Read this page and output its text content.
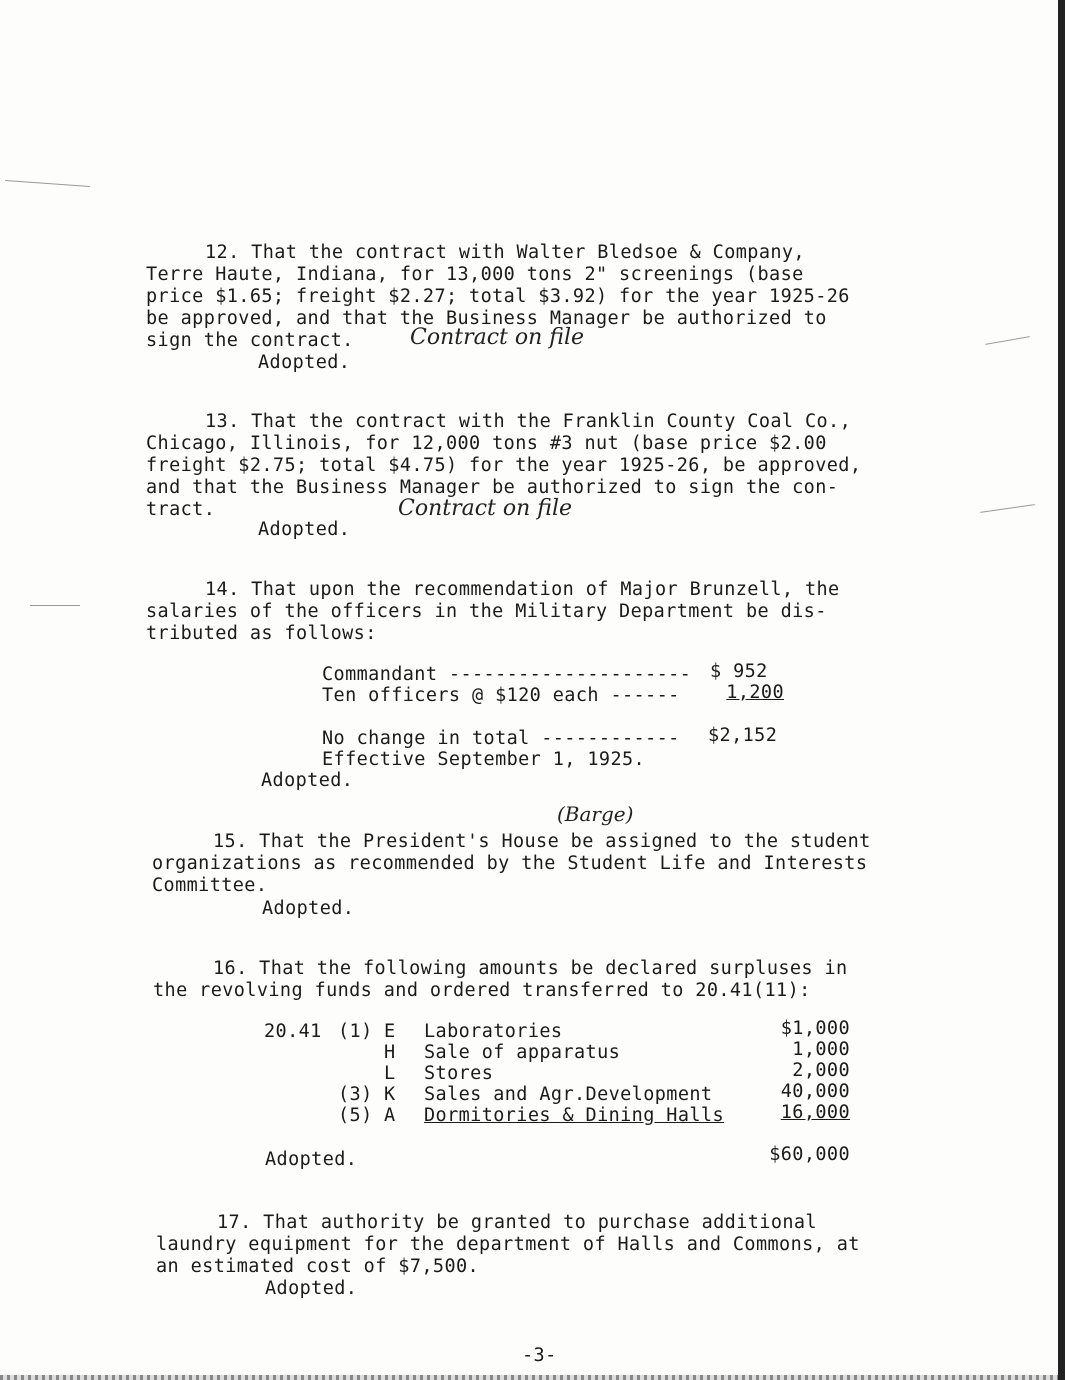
12. That the contract with Walter Bledsoe & Company,
Terre Haute, Indiana, for 13,000 tons 2" screenings (base
price $1.65; freight $2.27; total $3.92) for the year 1925-26
be approved, and that the Business Manager be authorized to
sign the contract.	Contract on file
Adopted.
13. That the contract with the Franklin County Coal Co.,
Chicago, Illinois, for 12,000 tons #3 nut (base price $2.00
freight $2.75; total $4.75) for the year 1925-26, be approved,
and that the Business Manager be authorized to sign the con-
tract.	Contract on file
Adopted.
14. That upon the recommendation of Major Brunzell, the
salaries of the officers in the Military Department be dis-
tributed as follows:
Commandant --------------------- $ 952
Ten officers @ $120 each ------	1,200
No change in total ------------ $2,152
Effective September 1, 1925.
Adopted.
(Barge)
15. That the President's House be assigned to the student
organizations as recommended by the Student Life and Interests
Committee.
Adopted.
16. That the following amounts be declared surpluses in
the revolving funds and ordered transferred to 20.41(11):
20.41 (1) E Laboratories	$1,000
H Sale of apparatus	1,000
L Stores	2,000
(3) K Sales and Agr.Development	40,000
(5) A Dormitories & Dining Halls	16,000
Adopted.	$60,000
17. That authority be granted to purchase additional
laundry equipment for the department of Halls and Commons, at
an estimated cost of $7,500.
Adopted.
-3-
